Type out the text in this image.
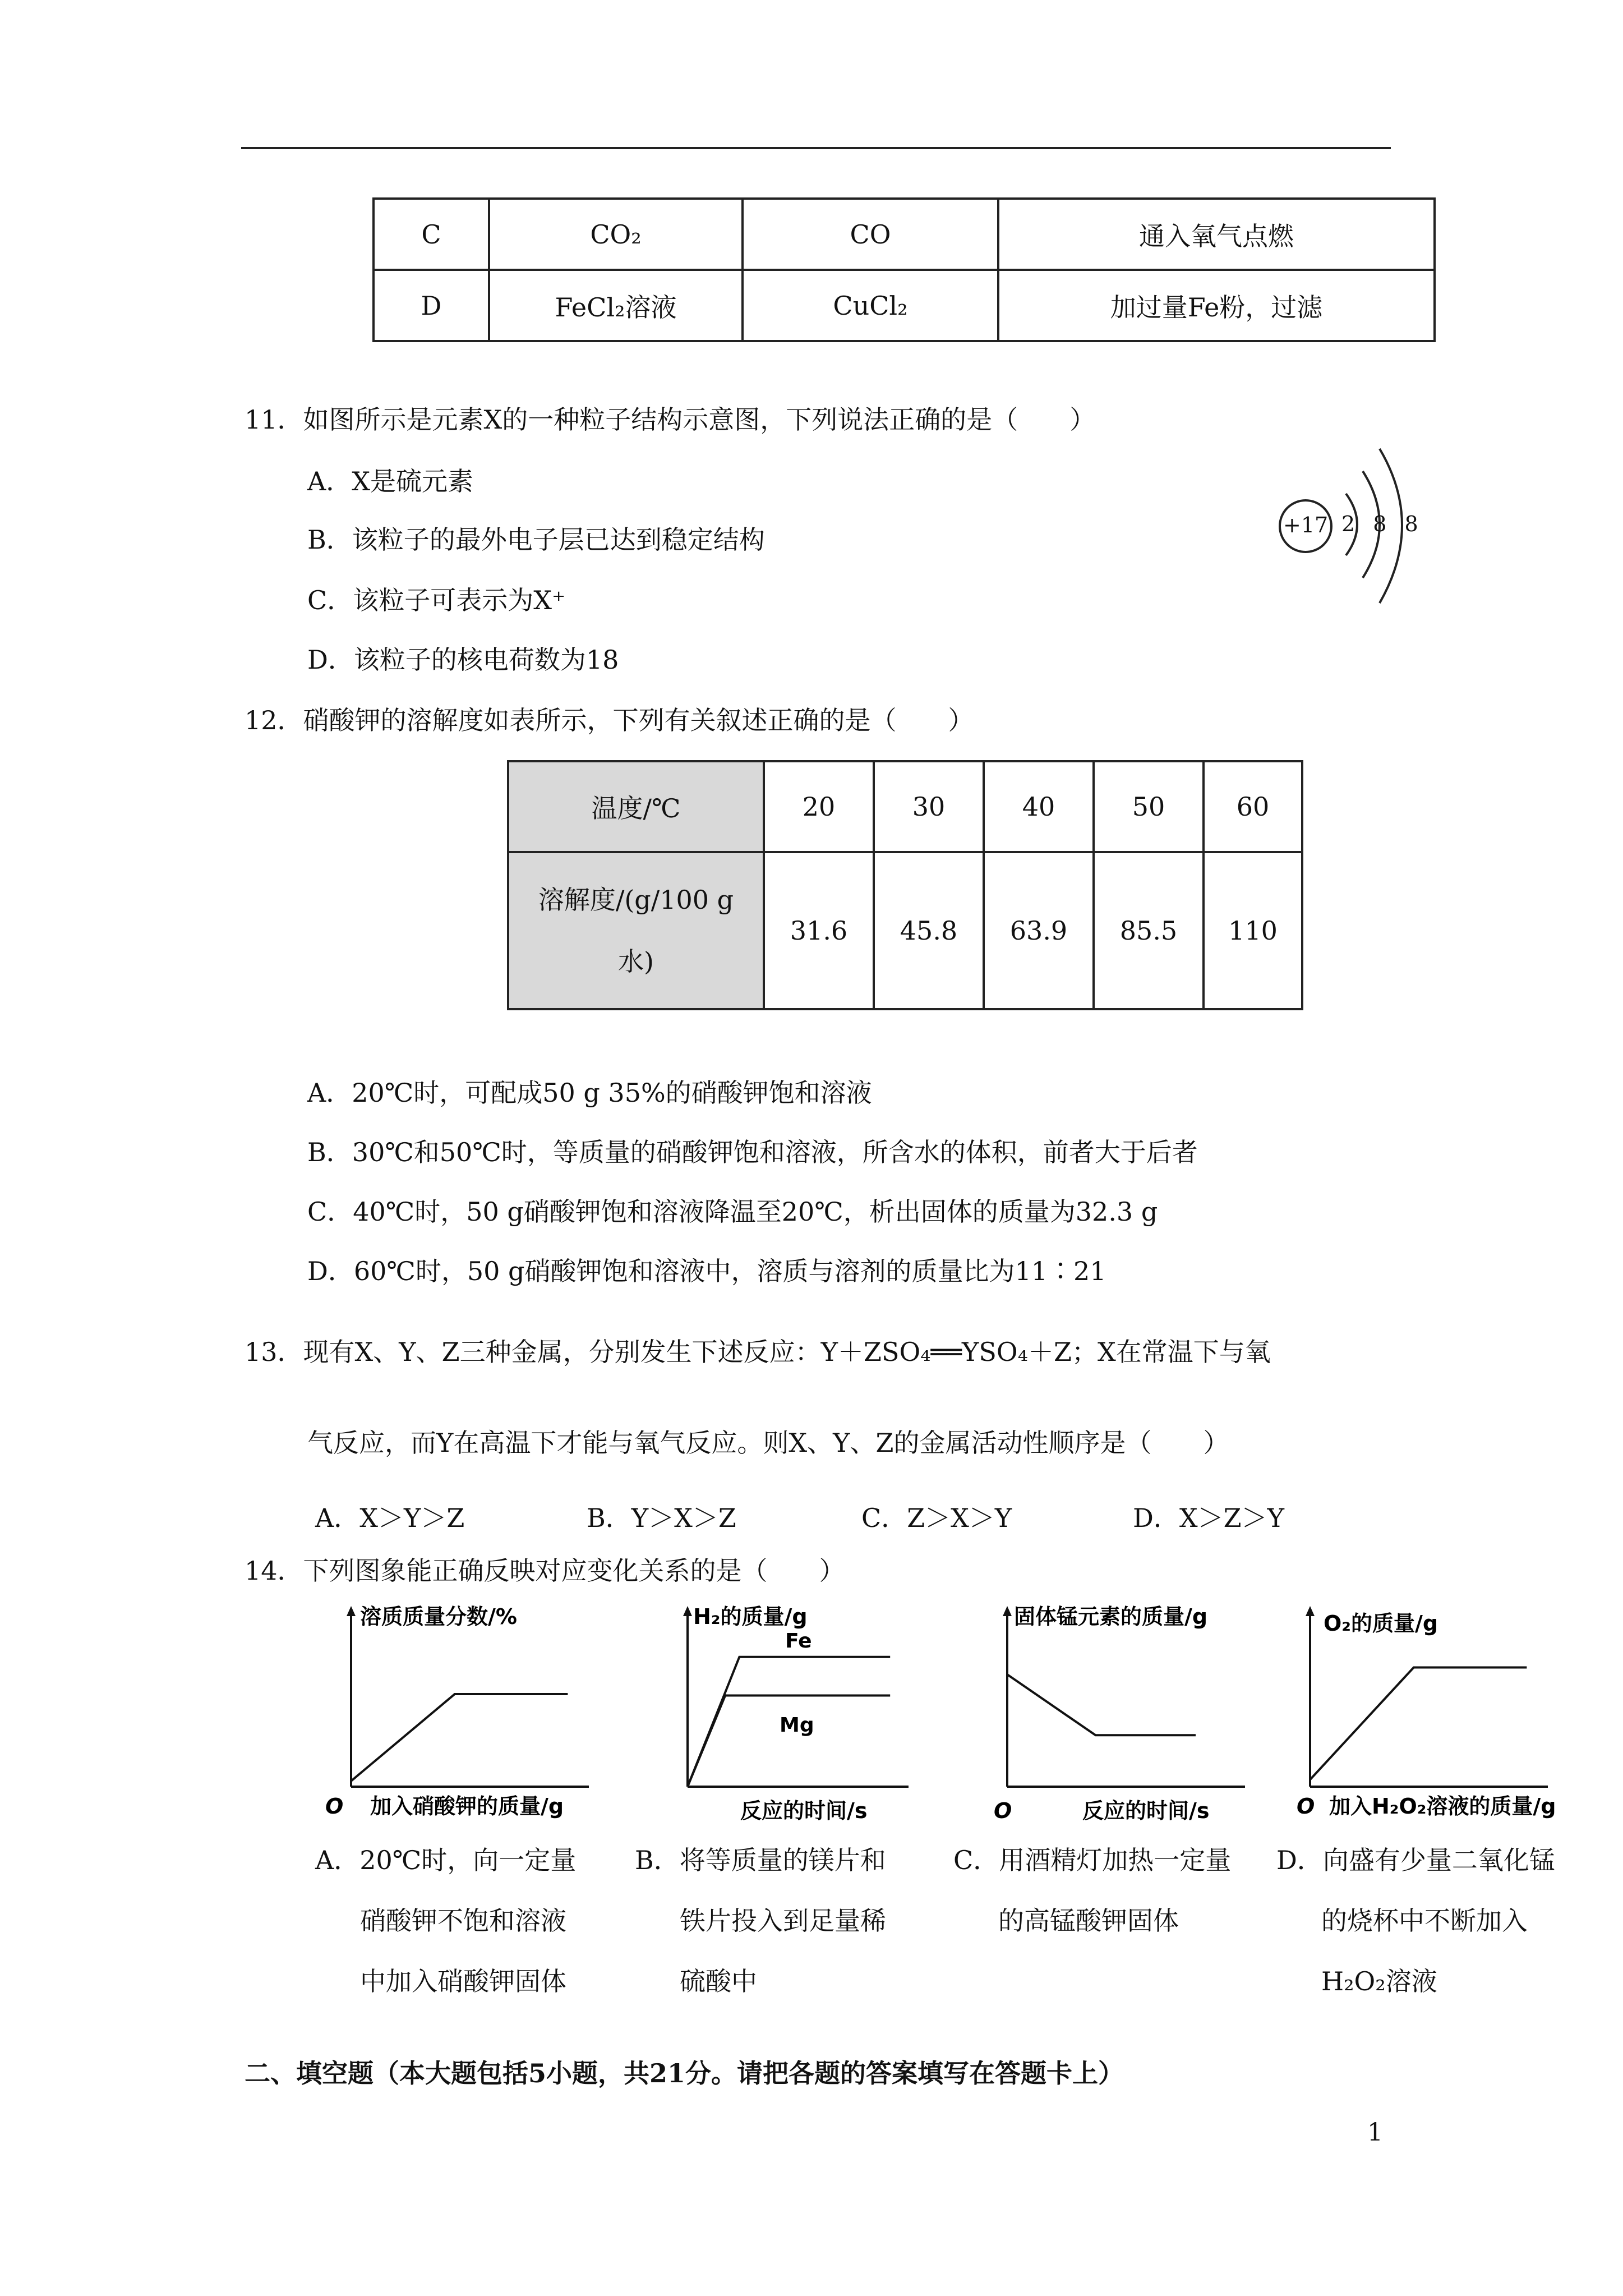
C	CO₂	CO	通入氧气点燃
D	FeCl₂溶液	CuCl₂	加过量Fe粉，过滤
11．如图所示是元素X的一种粒子结构示意图，下列说法正确的是（　　）
A．X是硫元素
B．该粒子的最外电子层已达到稳定结构
C．该粒子可表示为X⁺
D．该粒子的核电荷数为18
+17 2 8 8
12．硝酸钾的溶解度如表所示，下列有关叙述正确的是（　　）
温度/℃	20	30	40	50	60

溶解度/(g/100 g
水)	31.6	45.8	63.9	85.5	110
A．20℃时，可配成50 g 35%的硝酸钾饱和溶液
B．30℃和50℃时，等质量的硝酸钾饱和溶液，所含水的体积，前者大于后者
C．40℃时，50 g硝酸钾饱和溶液降温至20℃，析出固体的质量为32.3 g
D．60℃时，50 g硝酸钾饱和溶液中，溶质与溶剂的质量比为11∶21
13．现有X、Y、Z三种金属，分别发生下述反应：Y＋ZSO₄══YSO₄＋Z；X在常温下与氧
气反应，而Y在高温下才能与氧气反应。则X、Y、Z的金属活动性顺序是（　　）
A．X＞Y＞Z	B．Y＞X＞Z	C．Z＞X＞Y	D．X＞Z＞Y
14．下列图象能正确反映对应变化关系的是（　　）
溶质质量分数/%
O 加入硝酸钾的质量/g
H₂的质量/g
反应的时间/s
Fe
Mg
固体锰元素的质量/g
O	反应的时间/s
O₂的质量/g
O 加入H₂O₂溶液的质量/g
A．20℃时，向一定量
硝酸钾不饱和溶液
中加入硝酸钾固体
B．将等质量的镁片和
铁片投入到足量稀
硫酸中
C．用酒精灯加热一定量
的高锰酸钾固体
D．向盛有少量二氧化锰
的烧杯中不断加入
H₂O₂溶液
二、填空题（本大题包括5小题，共21分。请把各题的答案填写在答题卡上）
1
